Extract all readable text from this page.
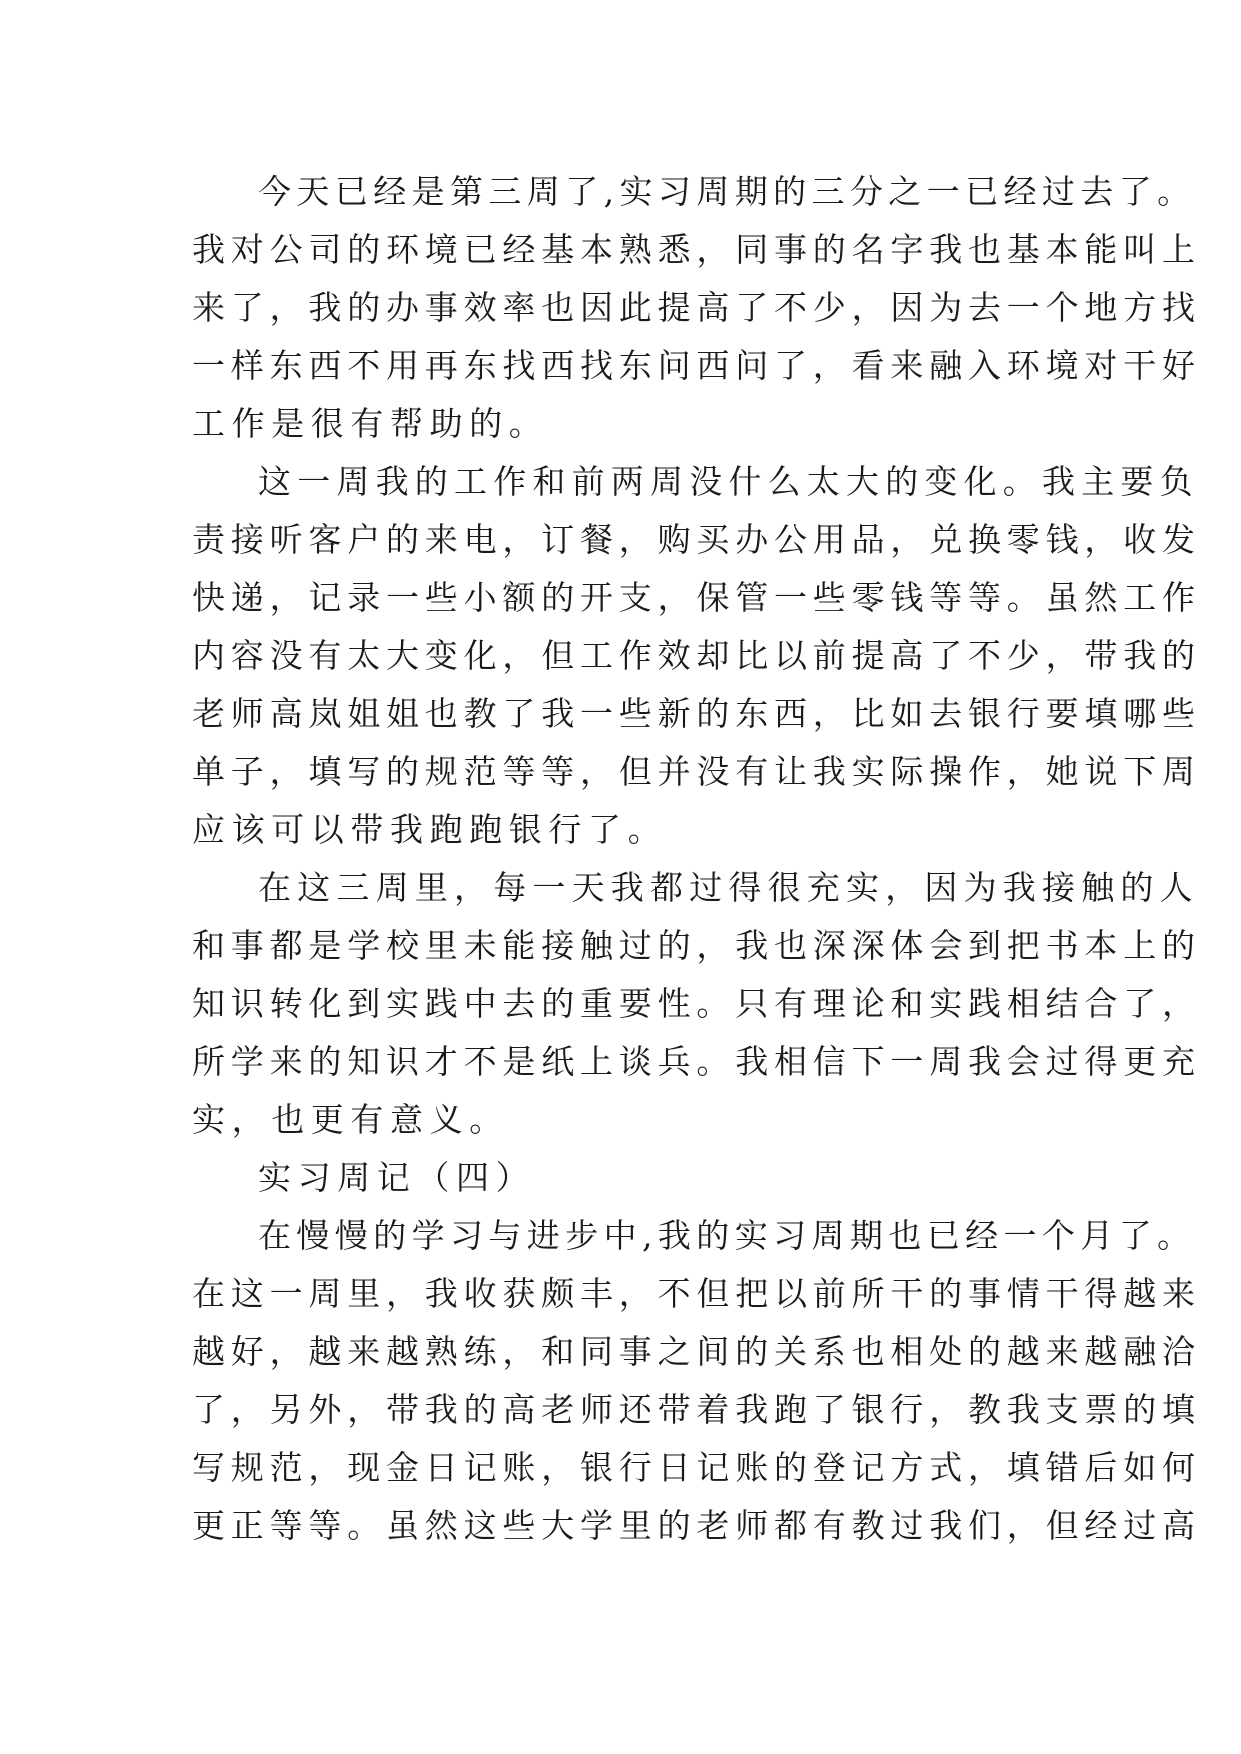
今天已经是第三周了,实习周期的三分之一已经过去了。
我对公司的环境已经基本熟悉，同事的名字我也基本能叫上
来了，我的办事效率也因此提高了不少，因为去一个地方找
一样东西不用再东找西找东问西问了，看来融入环境对干好
工作是很有帮助的。
这一周我的工作和前两周没什么太大的变化。我主要负
责接听客户的来电，订餐，购买办公用品，兑换零钱，收发
快递，记录一些小额的开支，保管一些零钱等等。虽然工作
内容没有太大变化，但工作效却比以前提高了不少，带我的
老师高岚姐姐也教了我一些新的东西，比如去银行要填哪些
单子，填写的规范等等，但并没有让我实际操作，她说下周
应该可以带我跑跑银行了。
在这三周里，每一天我都过得很充实，因为我接触的人
和事都是学校里未能接触过的，我也深深体会到把书本上的
知识转化到实践中去的重要性。只有理论和实践相结合了，
所学来的知识才不是纸上谈兵。我相信下一周我会过得更充
实，也更有意义。
实习周记（四）
在慢慢的学习与进步中,我的实习周期也已经一个月了。
在这一周里，我收获颇丰，不但把以前所干的事情干得越来
越好，越来越熟练，和同事之间的关系也相处的越来越融洽
了，另外，带我的高老师还带着我跑了银行，教我支票的填
写规范，现金日记账，银行日记账的登记方式，填错后如何
更正等等。虽然这些大学里的老师都有教过我们，但经过高
